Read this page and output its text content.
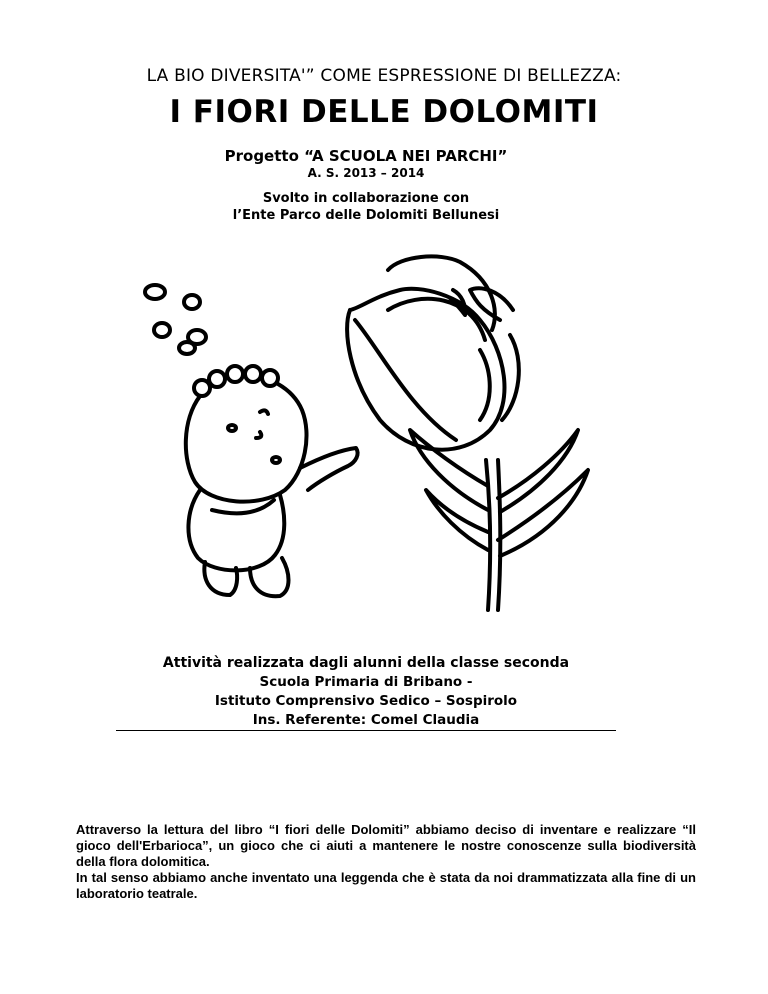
LA BIO DIVERSITA'” COME ESPRESSIONE DI BELLEZZA:
I FIORI DELLE DOLOMITI
Progetto “A SCUOLA NEI PARCHI”
A. S. 2013 – 2014
Svolto in collaborazione con
l’Ente Parco delle Dolomiti Bellunesi
Attività realizzata dagli alunni della classe seconda
Scuola Primaria di Bribano -
Istituto Comprensivo Sedico – Sospirolo
Ins. Referente: Comel Claudia

Attraverso la lettura del libro “I fiori delle Dolomiti” abbiamo deciso di inventare e realizzare “Il gioco dell'Erbarioca”, un gioco che ci aiuti a mantenere le nostre conoscenze sulla biodiversità della flora dolomitica.

In tal senso abbiamo anche inventato una leggenda che è stata da noi drammatizzata alla fine di un laboratorio teatrale.
